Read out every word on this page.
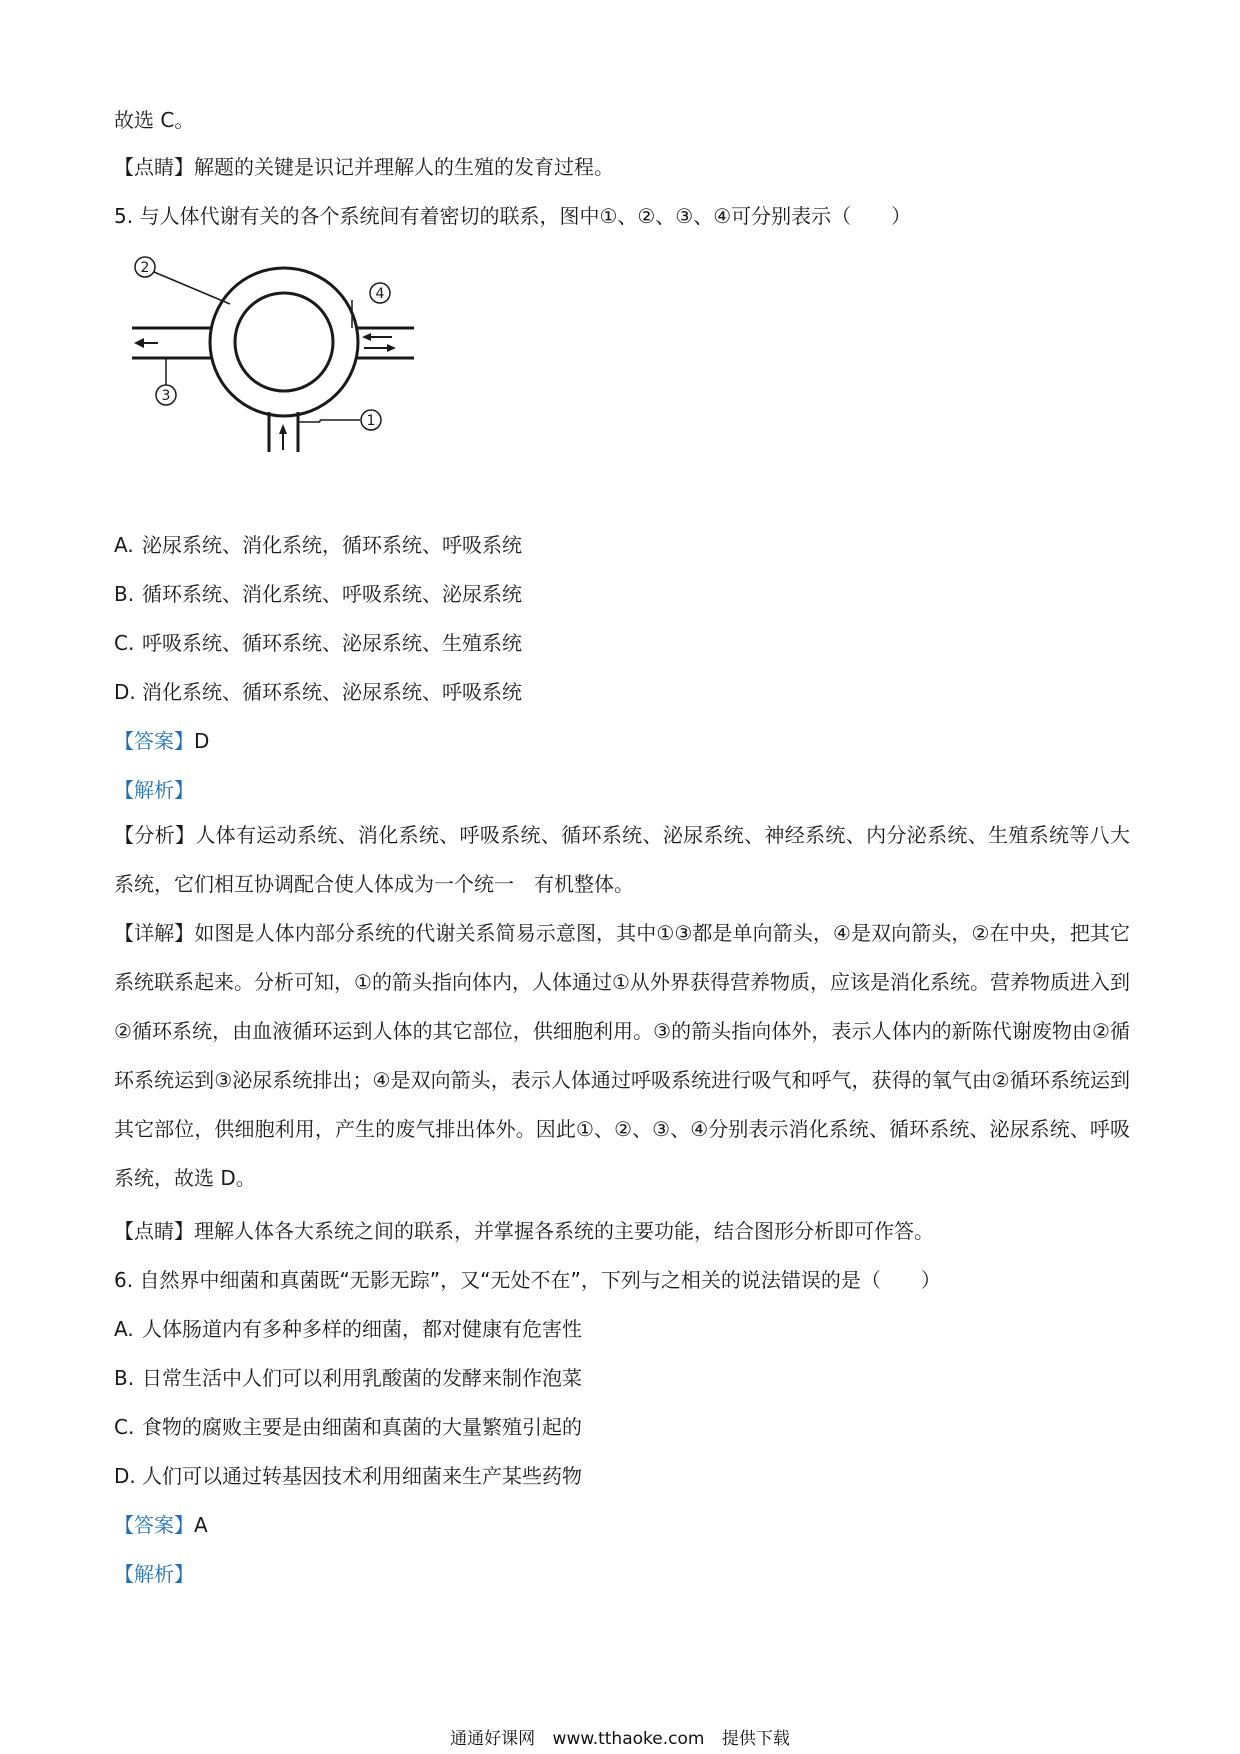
故选 C。
【点睛】解题的关键是识记并理解人的生殖的发育过程。
5. 与人体代谢有关的各个系统间有着密切的联系，图中①、②、③、④可分别表示（　　）
2
4
3
1
A. 泌尿系统、消化系统，循环系统、呼吸系统
B. 循环系统、消化系统、呼吸系统、泌尿系统
C. 呼吸系统、循环系统、泌尿系统、生殖系统
D. 消化系统、循环系统、泌尿系统、呼吸系统
【答案】D
【解析】
【分析】人体有运动系统、消化系统、呼吸系统、循环系统、泌尿系统、神经系统、内分泌系统、生殖系统等八大系统，它们相互协调配合使人体成为一个统一　有机整体。
【详解】如图是人体内部分系统的代谢关系简易示意图，其中①③都是单向箭头，④是双向箭头，②在中央，把其它系统联系起来。分析可知，①的箭头指向体内，人体通过①从外界获得营养物质，应该是消化系统。营养物质进入到②循环系统，由血液循环运到人体的其它部位，供细胞利用。③的箭头指向体外，表示人体内的新陈代谢废物由②循环系统运到③泌尿系统排出；④是双向箭头，表示人体通过呼吸系统进行吸气和呼气，获得的氧气由②循环系统运到其它部位，供细胞利用，产生的废气排出体外。因此①、②、③、④分别表示消化系统、循环系统、泌尿系统、呼吸系统，故选 D。
【点睛】理解人体各大系统之间的联系，并掌握各系统的主要功能，结合图形分析即可作答。
6. 自然界中细菌和真菌既“无影无踪”，又“无处不在”，下列与之相关的说法错误的是（　　）
A. 人体肠道内有多种多样的细菌，都对健康有危害性
B. 日常生活中人们可以利用乳酸菌的发酵来制作泡菜
C. 食物的腐败主要是由细菌和真菌的大量繁殖引起的
D. 人们可以通过转基因技术利用细菌来生产某些药物
【答案】A
【解析】
通通好课网 www.tthaoke.com 提供下载
